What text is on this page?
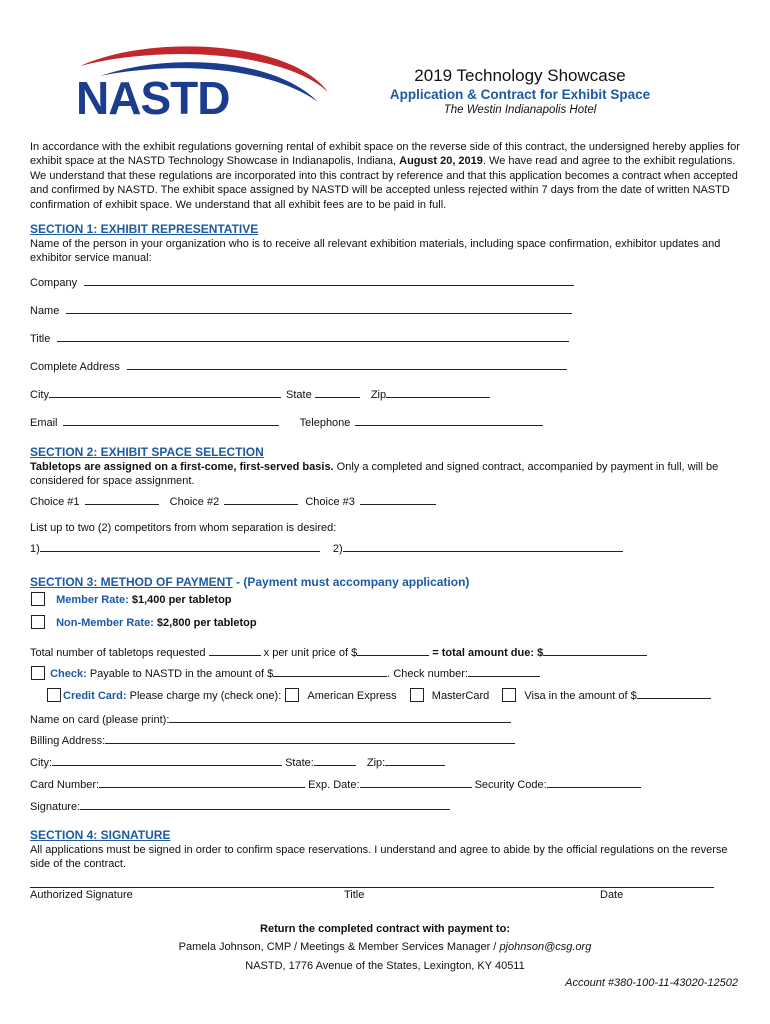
NASTD	2019 Technology Showcase
Application & Contract for Exhibit Space
The Westin Indianapolis Hotel
In accordance with the exhibit regulations governing rental of exhibit space on the reverse side of this contract, the undersigned hereby applies for exhibit space at the NASTD Technology Showcase in Indianapolis, Indiana, August 20, 2019. We have read and agree to the exhibit regulations. We understand that these regulations are incorporated into this contract by reference and that this application becomes a contract when accepted and confirmed by NASTD. The exhibit space assigned by NASTD will be accepted unless rejected within 7 days from the date of written NASTD confirmation of exhibit space. We understand that all exhibit fees are to be paid in full.
SECTION 1: EXHIBIT REPRESENTATIVE
Name of the person in your organization who is to receive all relevant exhibition materials, including space confirmation, exhibitor updates and exhibitor service manual:
Company
Name
Title
Complete Address
City	State	Zip
Email	Telephone
SECTION 2: EXHIBIT SPACE SELECTION
Tabletops are assigned on a first-come, first-served basis. Only a completed and signed contract, accompanied by payment in full, will be considered for space assignment.
Choice #1	Choice #2	Choice #3
List up to two (2) competitors from whom separation is desired:
1)	2)
SECTION 3: METHOD OF PAYMENT - (Payment must accompany application)
Member Rate: $1,400 per tabletop
Non-Member Rate: $2,800 per tabletop
Total number of tabletops requested	x per unit price of $	= total amount due: $
Check: Payable to NASTD in the amount of $	. Check number:
Credit Card: Please charge my (check one): American Express	MasterCard	Visa in the amount of $
Name on card (please print):
Billing Address:
City:	State:	Zip:
Card Number:	Exp. Date:	Security Code:
Signature:
SECTION 4: SIGNATURE
All applications must be signed in order to confirm space reservations. I understand and agree to abide by the official regulations on the reverse side of the contract.
Authorized Signature	Title	Date
Return the completed contract with payment to:
Pamela Johnson, CMP / Meetings & Member Services Manager / pjohnson@csg.org
NASTD, 1776 Avenue of the States, Lexington, KY 40511
Account #380-100-11-43020-12502
